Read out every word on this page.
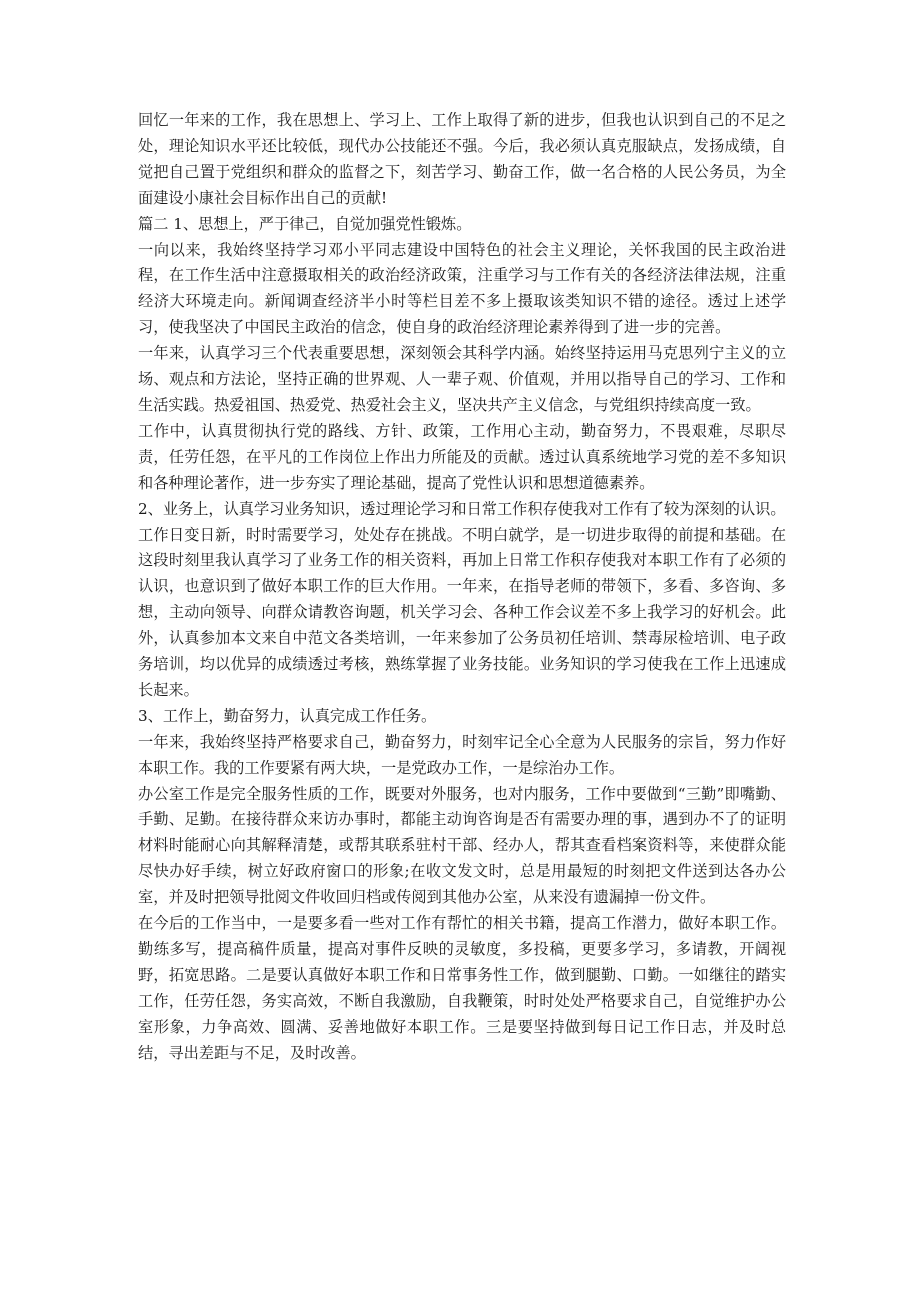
回忆一年来的工作，我在思想上、学习上、工作上取得了新的进步，但我也认识到自己的不足之处，理论知识水平还比较低，现代办公技能还不强。今后，我必须认真克服缺点，发扬成绩，自觉把自己置于党组织和群众的监督之下，刻苦学习、勤奋工作，做一名合格的人民公务员，为全面建设小康社会目标作出自己的贡献!

篇二 1、思想上，严于律己，自觉加强党性锻炼。

一向以来，我始终坚持学习邓小平同志建设中国特色的社会主义理论，关怀我国的民主政治进程，在工作生活中注意摄取相关的政治经济政策，注重学习与工作有关的各经济法律法规，注重经济大环境走向。新闻调查经济半小时等栏目差不多上摄取该类知识不错的途径。透过上述学习，使我坚决了中国民主政治的信念，使自身的政治经济理论素养得到了进一步的完善。

一年来，认真学习三个代表重要思想，深刻领会其科学内涵。始终坚持运用马克思列宁主义的立场、观点和方法论，坚持正确的世界观、人一辈子观、价值观，并用以指导自己的学习、工作和生活实践。热爱祖国、热爱党、热爱社会主义，坚决共产主义信念，与党组织持续高度一致。

工作中，认真贯彻执行党的路线、方针、政策，工作用心主动，勤奋努力，不畏艰难，尽职尽责，任劳任怨，在平凡的工作岗位上作出力所能及的贡献。透过认真系统地学习党的差不多知识和各种理论著作，进一步夯实了理论基础，提高了党性认识和思想道德素养。

2、业务上，认真学习业务知识，透过理论学习和日常工作积存使我对工作有了较为深刻的认识。

工作日变日新，时时需要学习，处处存在挑战。不明白就学，是一切进步取得的前提和基础。在这段时刻里我认真学习了业务工作的相关资料，再加上日常工作积存使我对本职工作有了必须的认识，也意识到了做好本职工作的巨大作用。一年来，在指导老师的带领下，多看、多咨询、多想，主动向领导、向群众请教咨询题，机关学习会、各种工作会议差不多上我学习的好机会。此外，认真参加本文来自中范文各类培训，一年来参加了公务员初任培训、禁毒尿检培训、电子政务培训，均以优异的成绩透过考核，熟练掌握了业务技能。业务知识的学习使我在工作上迅速成长起来。

3、工作上，勤奋努力，认真完成工作任务。

一年来，我始终坚持严格要求自己，勤奋努力，时刻牢记全心全意为人民服务的宗旨，努力作好本职工作。我的工作要紧有两大块，一是党政办工作，一是综治办工作。

办公室工作是完全服务性质的工作，既要对外服务，也对内服务，工作中要做到“三勤”即嘴勤、手勤、足勤。在接待群众来访办事时，都能主动询咨询是否有需要办理的事，遇到办不了的证明材料时能耐心向其解释清楚，或帮其联系驻村干部、经办人，帮其查看档案资料等，来使群众能尽快办好手续，树立好政府窗口的形象;在收文发文时，总是用最短的时刻把文件送到达各办公室，并及时把领导批阅文件收回归档或传阅到其他办公室，从来没有遗漏掉一份文件。

在今后的工作当中，一是要多看一些对工作有帮忙的相关书籍，提高工作潜力，做好本职工作。勤练多写，提高稿件质量，提高对事件反映的灵敏度，多投稿，更要多学习，多请教，开阔视野，拓宽思路。二是要认真做好本职工作和日常事务性工作，做到腿勤、口勤。一如继往的踏实工作，任劳任怨，务实高效，不断自我激励，自我鞭策，时时处处严格要求自己，自觉维护办公室形象，力争高效、圆满、妥善地做好本职工作。三是要坚持做到每日记工作日志，并及时总结，寻出差距与不足，及时改善。
